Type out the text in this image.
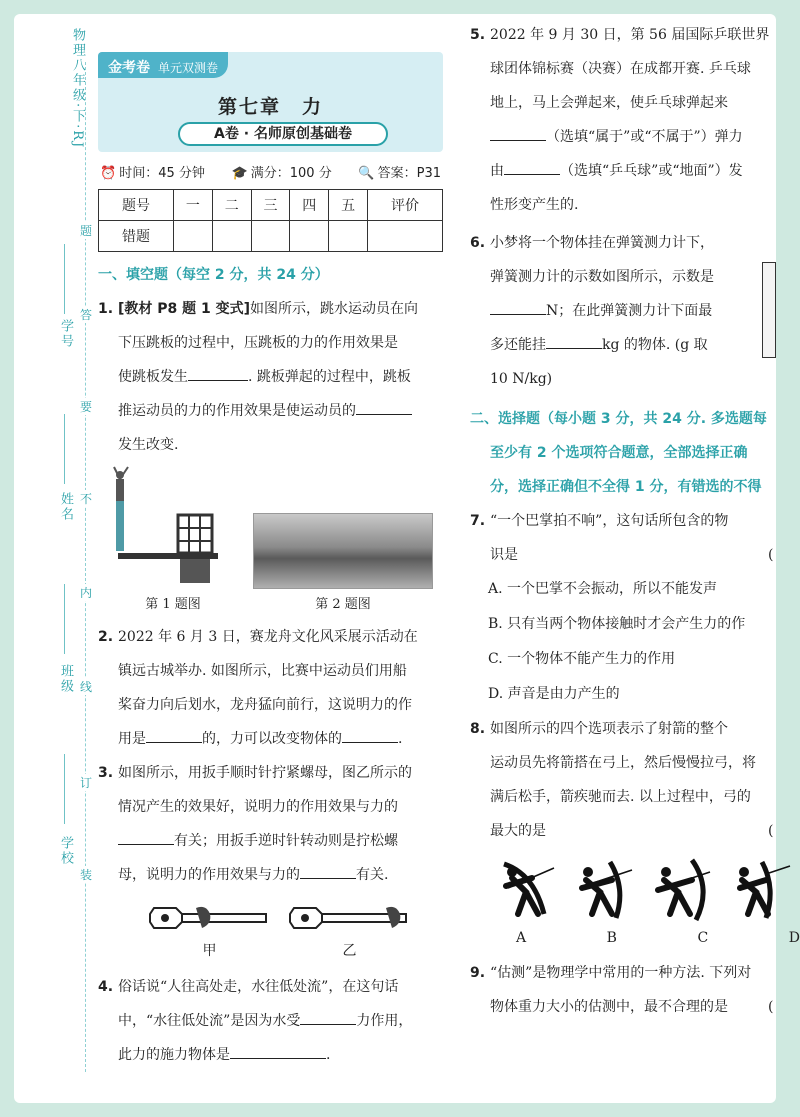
物理八年级·下·RJ
学号
姓名
班级
学校
题
答
要
不
内
线
订
装
金考卷 单元双测卷
第七章　力
A卷 · 名师原创基础卷
⏰ 时间：45 分钟 🎓 满分：100 分 🔍 答案：P31
题号	一	二	三	四	五	评价
错题						
一、填空题（每空 2 分，共 24 分）
1. [教材 P8 题 1 变式]如图所示，跳水运动员在向
下压跳板的过程中，压跳板的力的作用效果是
使跳板发生	. 跳板弹起的过程中，跳板
推运动员的力的作用效果是使运动员的
发生改变.
第 1 题图	第 2 题图
2. 2022 年 6 月 3 日，赛龙舟文化风采展示活动在
镇远古城举办. 如图所示，比赛中运动员们用船
桨奋力向后划水，龙舟猛向前行，这说明力的作
用是	的，力可以改变物体的	.
3. 如图所示，用扳手顺时针拧紧螺母，图乙所示的
情况产生的效果好，说明力的作用效果与力的
有关；用扳手逆时针转动则是拧松螺
母，说明力的作用效果与力的	有关.
甲	乙
4. 俗话说“人往高处走，水往低处流”，在这句话
中，“水往低处流”是因为水受	力作用，
此力的施力物体是	.
5. 2022 年 9 月 30 日，第 56 届国际乒联世界
球团体锦标赛（决赛）在成都开赛. 乒乓球
地上，马上会弹起来，使乒乓球弹起来
（选填“属于”或“不属于”）弹力
由	（选填“乒乓球”或“地面”）发
性形变产生的.
6. 小梦将一个物体挂在弹簧测力计下，
弹簧测力计的示数如图所示，示数是
N；在此弹簧测力计下面最
多还能挂	kg 的物体. (g 取
10 N/kg)
二、选择题（每小题 3 分，共 24 分. 多选题每
至少有 2 个选项符合题意，全部选择正确
分，选择正确但不全得 1 分，有错选的不得
7. “一个巴掌拍不响”，这句话所包含的物
识是	(
A. 一个巴掌不会振动，所以不能发声
B. 只有当两个物体接触时才会产生力的作
C. 一个物体不能产生力的作用
D. 声音是由力产生的
8. 如图所示的四个选项表示了射箭的整个
运动员先将箭搭在弓上，然后慢慢拉弓，将
满后松手，箭疾驰而去. 以上过程中，弓的
最大的是	(
A	B	C	D
9. “估测”是物理学中常用的一种方法. 下列对
物体重力大小的估测中，最不合理的是	(
